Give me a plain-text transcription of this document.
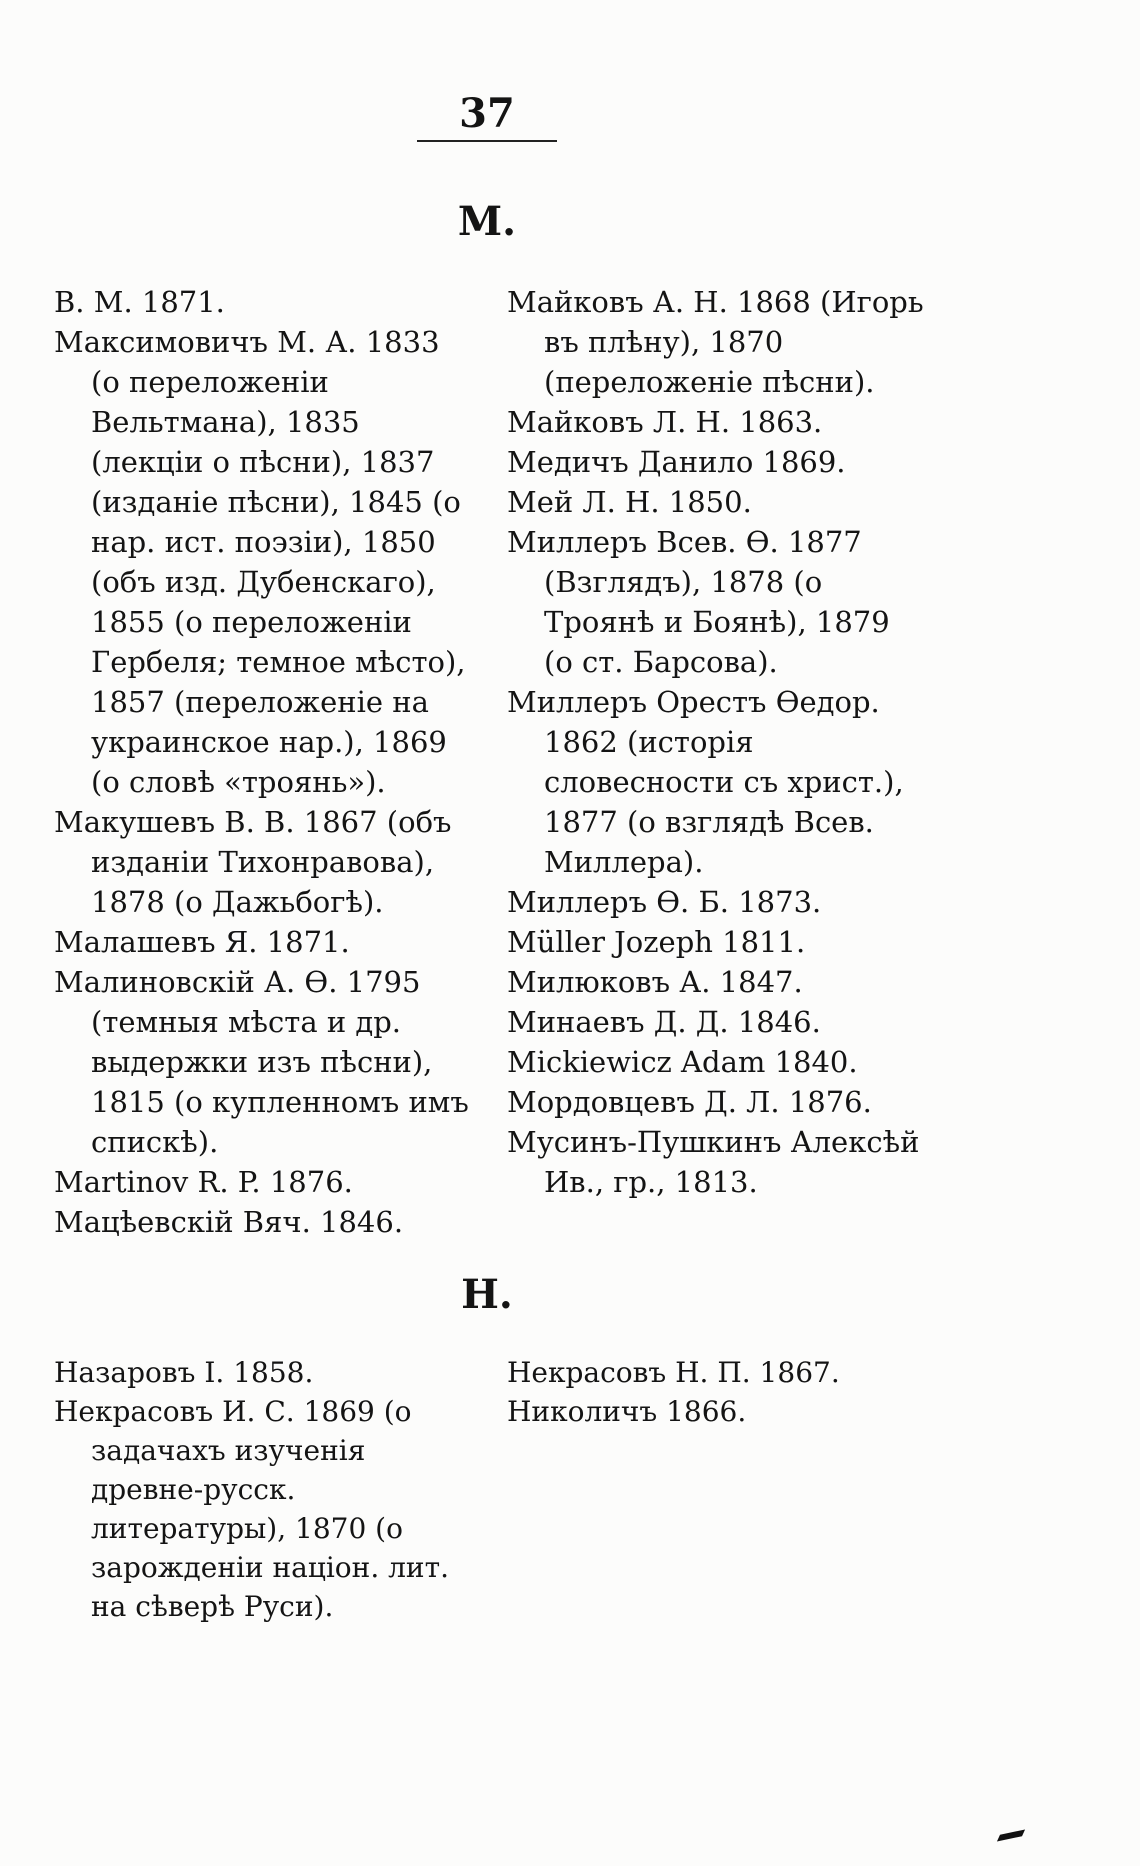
37
М.
В. М. 1871.
Максимовичъ М. А. 1833 (о переложеніи Вельтмана), 1835 (лекціи о пѣсни), 1837 (изданіе пѣсни), 1845 (о нар. ист. поэзіи), 1850 (объ изд. Дубенскаго), 1855 (о переложеніи Гербеля; темное мѣсто), 1857 (переложеніе на украинское нар.), 1869 (о словѣ «троянь»).
Макушевъ В. В. 1867 (объ изданіи Тихонравова), 1878 (о Дажьбогѣ).
Малашевъ Я. 1871.
Малиновскій А. Ѳ. 1795 (темныя мѣста и др. выдержки изъ пѣсни), 1815 (о купленномъ имъ спискѣ).
Martinov R. P. 1876.
Мацѣевскій Вяч. 1846.
Майковъ А. Н. 1868 (Игорь въ плѣну), 1870 (переложеніе пѣсни).
Майковъ Л. Н. 1863.
Медичъ Данило 1869.
Мей Л. Н. 1850.
Миллеръ Всев. Ѳ. 1877 (Взглядъ), 1878 (о Троянѣ и Боянѣ), 1879 (о ст. Барсова).
Миллеръ Орестъ Ѳедор. 1862 (исторія словесности съ христ.), 1877 (о взглядѣ Всев. Миллера).
Миллеръ Ѳ. Б. 1873.
Müller Jozeph 1811.
Милюковъ А. 1847.
Минаевъ Д. Д. 1846.
Mickiewicz Adam 1840.
Мордовцевъ Д. Л. 1876.
Мусинъ-Пушкинъ Алексѣй Ив., гр., 1813.
Н.
Назаровъ I. 1858.
Некрасовъ И. С. 1869 (о задачахъ изученія древне-русск. литературы), 1870 (о зарожденіи націон. лит. на сѣверѣ Руси).
Некрасовъ Н. П. 1867.
Николичъ 1866.
